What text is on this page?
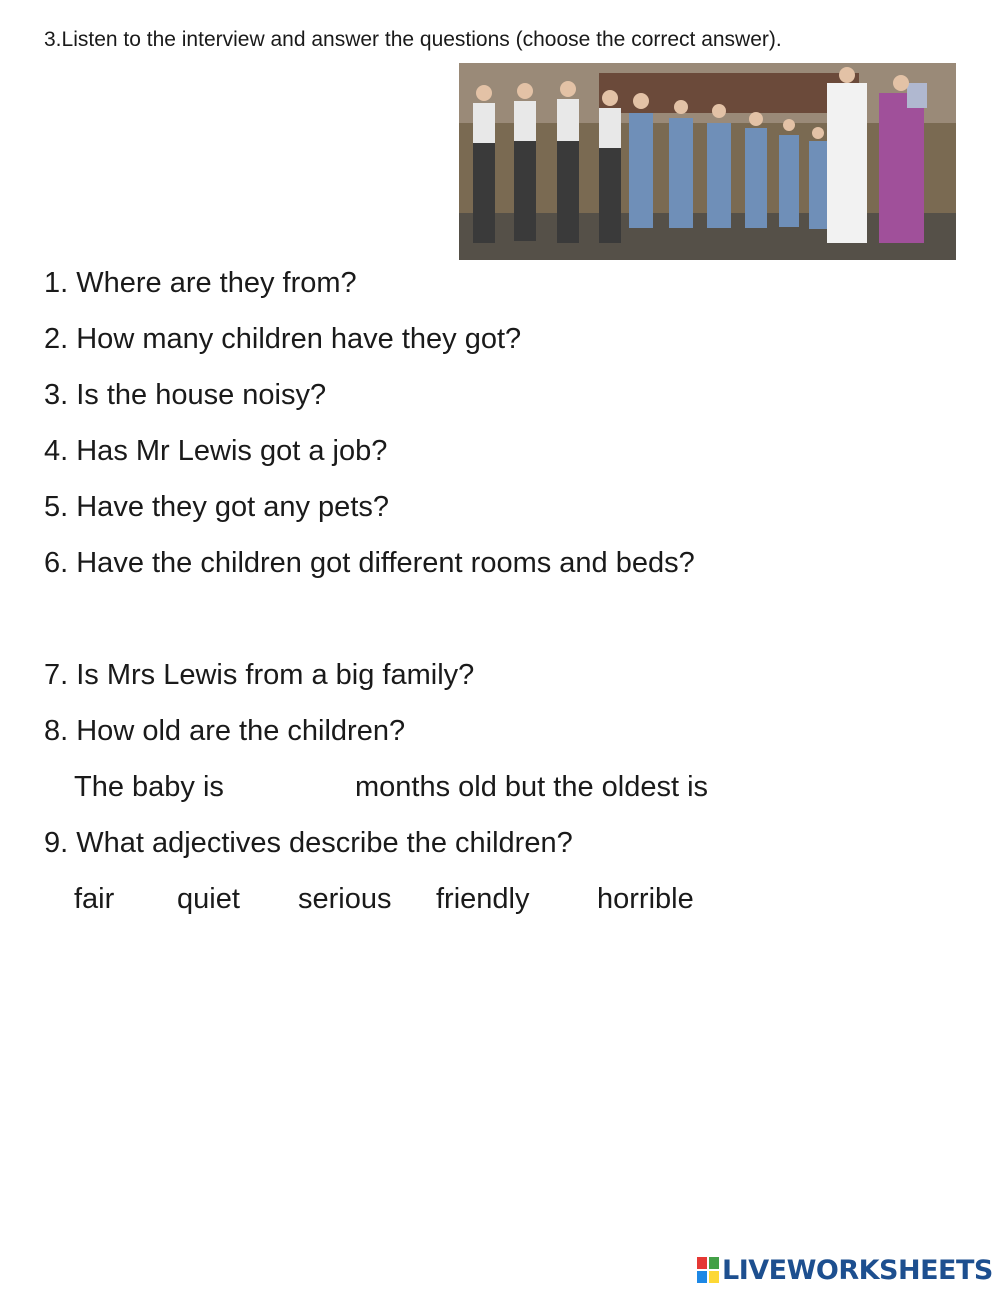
3.Listen to the interview and answer the questions (choose the correct answer).
1. Where are they from?
2. How many children have they got?
3. Is the house noisy?
4. Has Mr Lewis got a job?
5. Have they got any pets?
6. Have the children got different rooms and beds?
7. Is Mrs Lewis from a big family?
8. How old are the children?
The baby is	months old but the oldest is
9. What adjectives describe the children?
fair quiet serious friendly horrible
LIVEWORKSHEETS
